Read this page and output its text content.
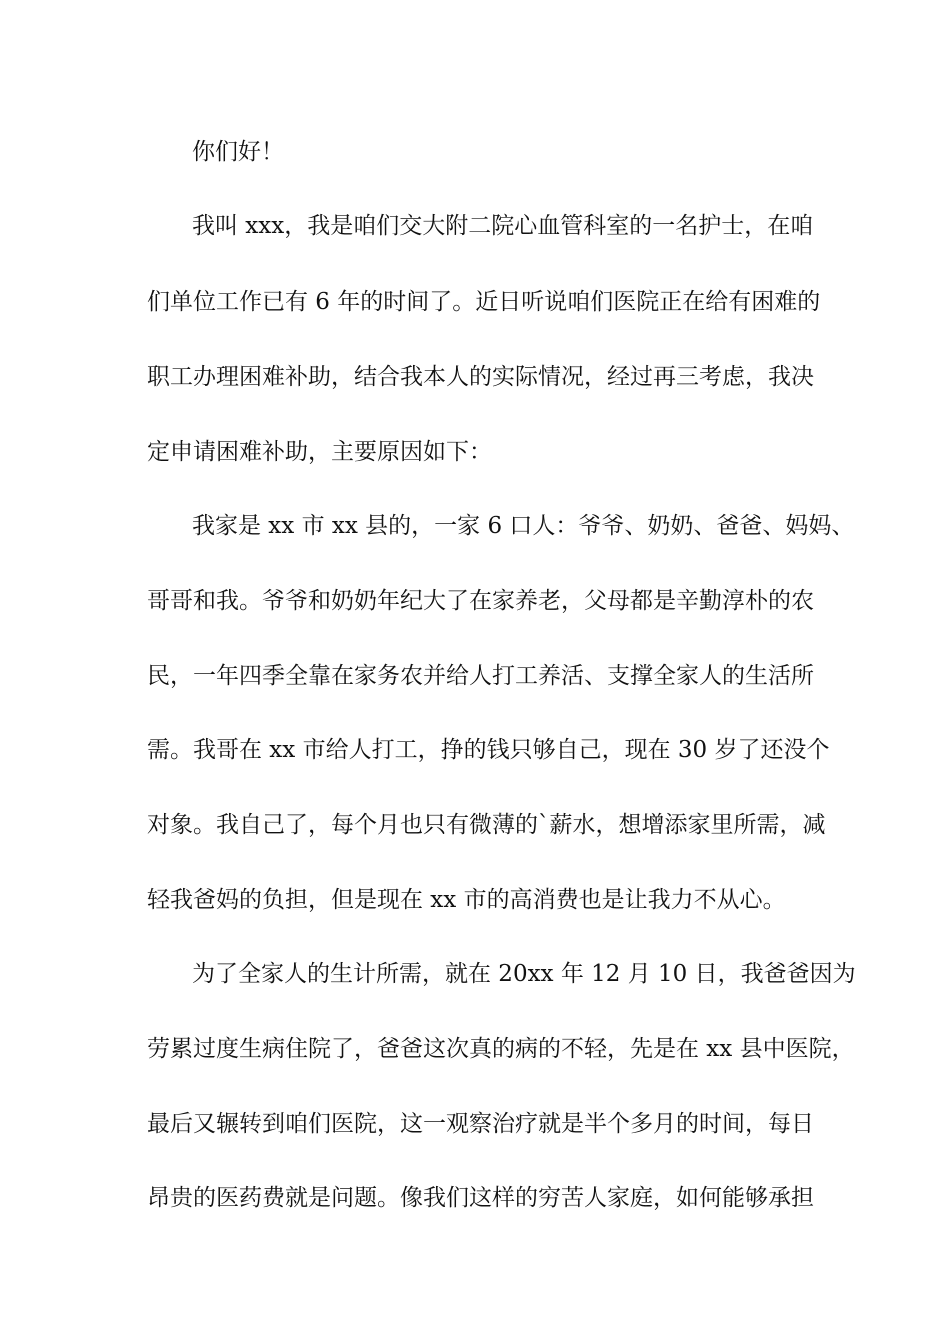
你们好！
我叫 xxx，我是咱们交大附二院心血管科室的一名护士，在咱
们单位工作已有 6 年的时间了。近日听说咱们医院正在给有困难的
职工办理困难补助，结合我本人的实际情况，经过再三考虑，我决
定申请困难补助，主要原因如下：
我家是 xx 市 xx 县的，一家 6 口人：爷爷、奶奶、爸爸、妈妈、
哥哥和我。爷爷和奶奶年纪大了在家养老，父母都是辛勤淳朴的农
民，一年四季全靠在家务农并给人打工养活、支撑全家人的生活所
需。我哥在 xx 市给人打工，挣的钱只够自己，现在 30 岁了还没个
对象。我自己了，每个月也只有微薄的`薪水，想增添家里所需，减
轻我爸妈的负担，但是现在 xx 市的高消费也是让我力不从心。
为了全家人的生计所需，就在 20xx 年 12 月 10 日，我爸爸因为
劳累过度生病住院了，爸爸这次真的病的不轻，先是在 xx 县中医院，
最后又辗转到咱们医院，这一观察治疗就是半个多月的时间，每日
昂贵的医药费就是问题。像我们这样的穷苦人家庭，如何能够承担
